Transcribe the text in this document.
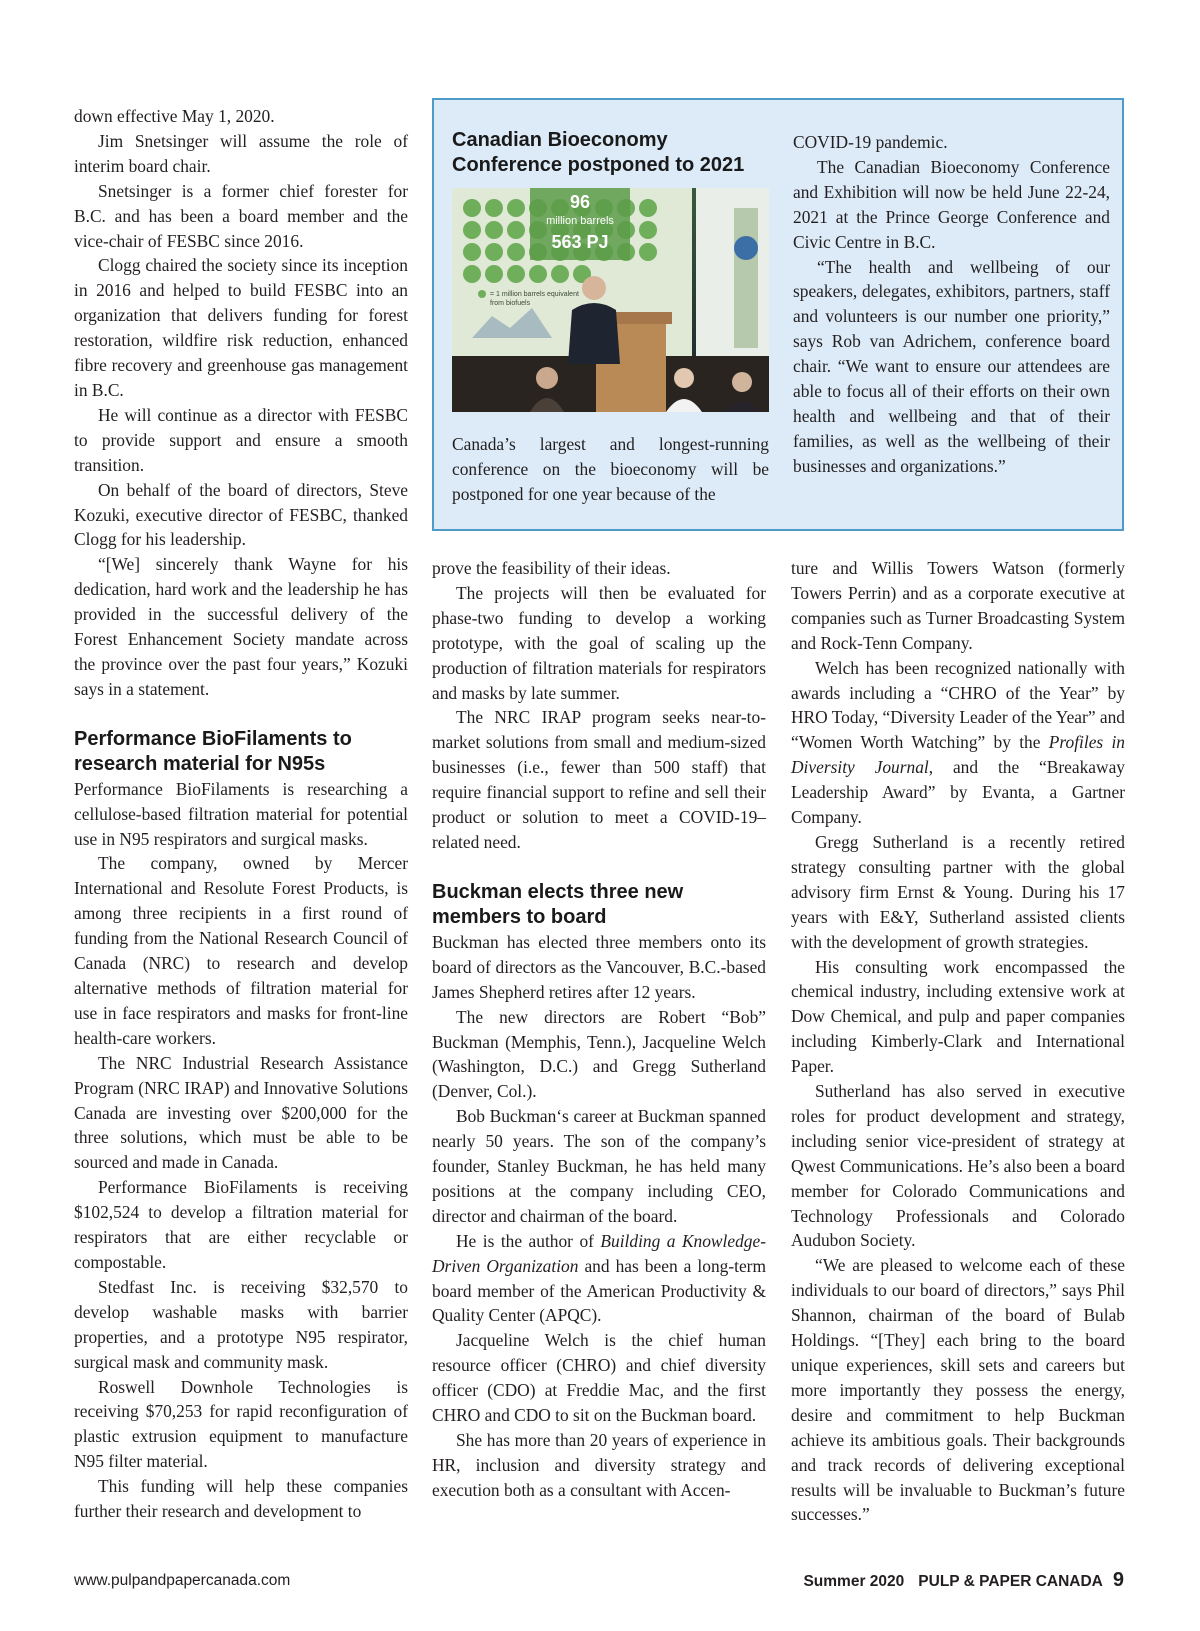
down effective May 1, 2020.

Jim Snetsinger will assume the role of interim board chair.

Snetsinger is a former chief forester for B.C. and has been a board member and the vice-chair of FESBC since 2016.

Clogg chaired the society since its inception in 2016 and helped to build FESBC into an organization that delivers funding for forest restoration, wildfire risk reduction, enhanced fibre recovery and greenhouse gas management in B.C.

He will continue as a director with FESBC to provide support and ensure a smooth transition.

On behalf of the board of directors, Steve Kozuki, executive director of FESBC, thanked Clogg for his leadership.

“[We] sincerely thank Wayne for his dedication, hard work and the leadership he has provided in the successful delivery of the Forest Enhancement Society mandate across the province over the past four years,” Kozuki says in a statement.

Performance BioFilaments to research material for N95s

Performance BioFilaments is researching a cellulose-based filtration material for potential use in N95 respirators and surgical masks.

The company, owned by Mercer International and Resolute Forest Products, is among three recipients in a first round of funding from the National Research Council of Canada (NRC) to research and develop alternative methods of filtration material for use in face respirators and masks for front-line health-care workers.

The NRC Industrial Research Assistance Program (NRC IRAP) and Innovative Solutions Canada are investing over $200,000 for the three solutions, which must be able to be sourced and made in Canada.

Performance BioFilaments is receiving $102,524 to develop a filtration material for respirators that are either recyclable or compostable.

Stedfast Inc. is receiving $32,570 to develop washable masks with barrier properties, and a prototype N95 respirator, surgical mask and community mask.

Roswell Downhole Technologies is receiving $70,253 for rapid reconfiguration of plastic extrusion equipment to manufacture N95 filter material.

This funding will help these companies further their research and development to

Canadian Bioeconomy Conference postponed to 2021
96
million barrels
563 PJ
= 1 million barrels equivalent
from biofuels

Canada’s largest and longest-running conference on the bioeconomy will be postponed for one year because of the

COVID-19 pandemic.

The Canadian Bioeconomy Conference and Exhibition will now be held June 22-24, 2021 at the Prince George Conference and Civic Centre in B.C.

“The health and wellbeing of our speakers, delegates, exhibitors, partners, staff and volunteers is our number one priority,” says Rob van Adrichem, conference board chair. “We want to ensure our attendees are able to focus all of their efforts on their own health and wellbeing and that of their families, as well as the wellbeing of their businesses and organizations.”

prove the feasibility of their ideas.

The projects will then be evaluated for phase-two funding to develop a working prototype, with the goal of scaling up the production of filtration materials for respirators and masks by late summer.

The NRC IRAP program seeks near-to-market solutions from small and medium-sized businesses (i.e., fewer than 500 staff) that require financial support to refine and sell their product or solution to meet a COVID-19–related need.

Buckman elects three new members to board

Buckman has elected three members onto its board of directors as the Vancouver, B.C.-based James Shepherd retires after 12 years.

The new directors are Robert “Bob” Buckman (Memphis, Tenn.), Jacqueline Welch (Washington, D.C.) and Gregg Sutherland (Denver, Col.).

Bob Buckman‘s career at Buckman spanned nearly 50 years. The son of the company’s founder, Stanley Buckman, he has held many positions at the company including CEO, director and chairman of the board.

He is the author of Building a Knowledge-Driven Organization and has been a long-term board member of the American Productivity & Quality Center (APQC).

Jacqueline Welch is the chief human resource officer (CHRO) and chief diversity officer (CDO) at Freddie Mac, and the first CHRO and CDO to sit on the Buckman board.

She has more than 20 years of experience in HR, inclusion and diversity strategy and execution both as a consultant with Accen-

ture and Willis Towers Watson (formerly Towers Perrin) and as a corporate executive at companies such as Turner Broadcasting System and Rock-Tenn Company.

Welch has been recognized nationally with awards including a “CHRO of the Year” by HRO Today, “Diversity Leader of the Year” and “Women Worth Watching” by the Profiles in Diversity Journal, and the “Breakaway Leadership Award” by Evanta, a Gartner Company.

Gregg Sutherland is a recently retired strategy consulting partner with the global advisory firm Ernst & Young. During his 17 years with E&Y, Sutherland assisted clients with the development of growth strategies.

His consulting work encompassed the chemical industry, including extensive work at Dow Chemical, and pulp and paper companies including Kimberly-Clark and International Paper.

Sutherland has also served in executive roles for product development and strategy, including senior vice-president of strategy at Qwest Communications. He’s also been a board member for Colorado Communications and Technology Professionals and Colorado Audubon Society.

“We are pleased to welcome each of these individuals to our board of directors,” says Phil Shannon, chairman of the board of Bulab Holdings. “[They] each bring to the board unique experiences, skill sets and careers but more importantly they possess the energy, desire and commitment to help Buckman achieve its ambitious goals. Their backgrounds and track records of delivering exceptional results will be invaluable to Buckman’s future successes.”

www.pulpandpapercanada.com	Summer 2020 PULP & PAPER CANADA 9
